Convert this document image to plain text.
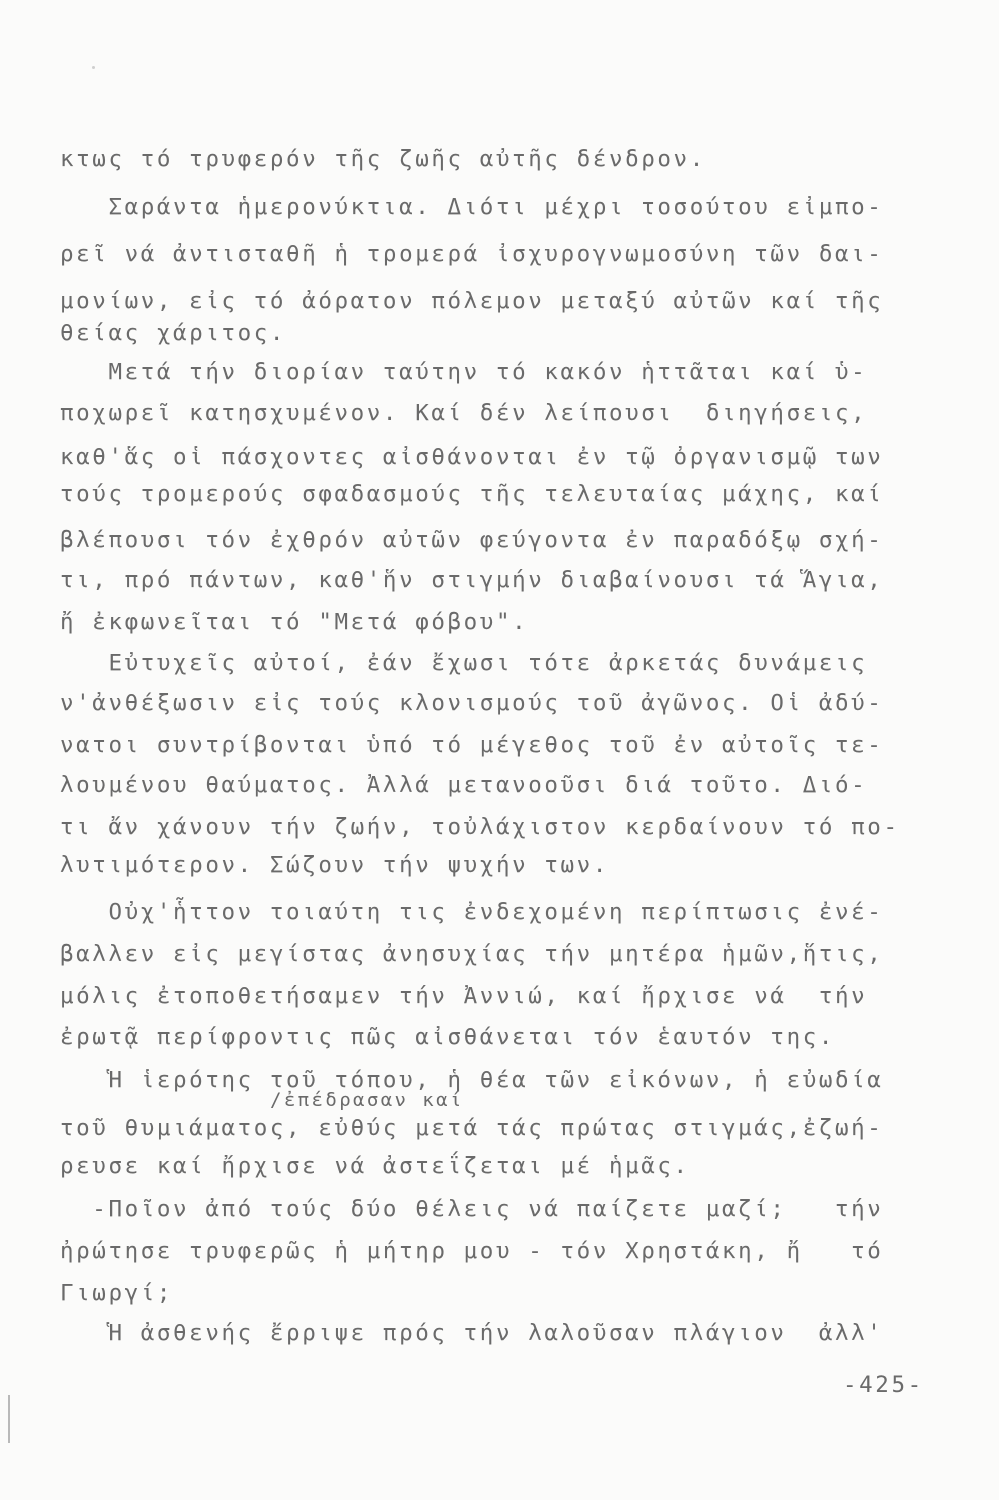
κτως τό τρυφερόν τῆς ζωῆς αὐτῆς δένδρον.
Σαράντα ἡμερονύκτια. Διότι μέχρι τοσούτου εἰμπο-
ρεῖ νά ἀντισταθῆ ἡ τρομερά ἰσχυρογνωμοσύνη τῶν δαι-
μονίων, εἰς τό ἀόρατον πόλεμον μεταξύ αὐτῶν καί τῆς
θείας χάριτος.
Μετά τήν διορίαν ταύτην τό κακόν ἡττᾶται καί ὑ-
ποχωρεῖ κατησχυμένον. Καί δέν λείπουσι  διηγήσεις,
καθ'ἅς οἱ πάσχοντες αἰσθάνονται ἐν τῷ ὀργανισμῷ των
τούς τρομερούς σφαδασμούς τῆς τελευταίας μάχης, καί
βλέπουσι τόν ἐχθρόν αὐτῶν φεύγοντα ἐν παραδόξῳ σχή-
τι, πρό πάντων, καθ'ἥν στιγμήν διαβαίνουσι τά Ἅγια,
ἤ ἐκφωνεῖται τό "Μετά φόβου".
Εὐτυχεῖς αὐτοί, ἐάν ἔχωσι τότε ἀρκετάς δυνάμεις
ν'ἀνθέξωσιν εἰς τούς κλονισμούς τοῦ ἀγῶνος. Οἱ ἀδύ-
νατοι συντρίβονται ὑπό τό μέγεθος τοῦ ἐν αὐτοῖς τε-
λουμένου θαύματος. Ἀλλά μετανοοῦσι διά τοῦτο. Διό-
τι ἄν χάνουν τήν ζωήν, τοὐλάχιστον κερδαίνουν τό πο-
λυτιμότερον. Σώζουν τήν ψυχήν των.
Οὐχ'ἧττον τοιαύτη τις ἐνδεχομένη περίπτωσις ἐνέ-
βαλλεν εἰς μεγίστας ἀνησυχίας τήν μητέρα ἡμῶν,ἥτις,
μόλις ἐτοποθετήσαμεν τήν Ἀννιώ, καί ἤρχισε νά  τήν
ἐρωτᾷ περίφροντις πῶς αἰσθάνεται τόν ἑαυτόν της.
Ἡ ἱερότης τοῦ τόπου, ἡ θέα τῶν εἰκόνων, ἡ εὐωδία
/ἐπέδρασαν καί
τοῦ θυμιάματος, εὐθύς μετά τάς πρώτας στιγμάς,ἐζωή-
ρευσε καί ἤρχισε νά ἀστεΐζεται μέ ἡμᾶς.
-Ποῖον ἀπό τούς δύο θέλεις νά παίζετε μαζί;   τήν
ἠρώτησε τρυφερῶς ἡ μήτηρ μου - τόν Χρηστάκη, ἤ   τό
Γιωργί;
Ἡ ἀσθενής ἔρριψε πρός τήν λαλοῦσαν πλάγιον  ἀλλ'
-425-
